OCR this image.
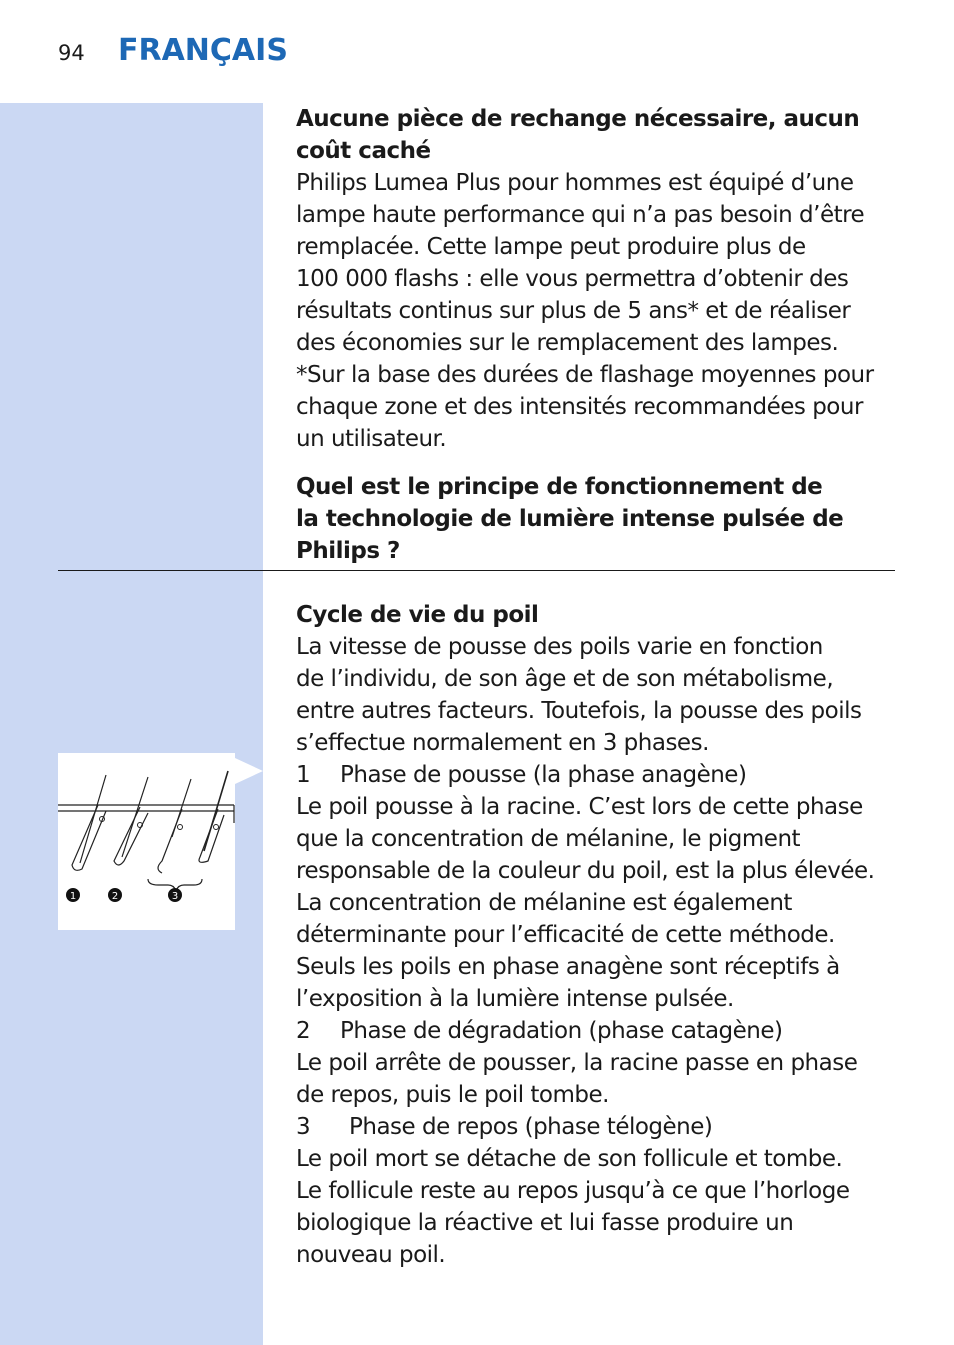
94 FRANÇAIS

Aucune pièce de rechange nécessaire, aucun coût caché

Philips Lumea Plus pour hommes est équipé d’une

lampe haute performance qui n’a pas besoin d’être

remplacée. Cette lampe peut produire plus de

100 000 flashs : elle vous permettra d’obtenir des

résultats continus sur plus de 5 ans* et de réaliser

des économies sur le remplacement des lampes.

*Sur la base des durées de flashage moyennes pour

chaque zone et des intensités recommandées pour

un utilisateur.

Quel est le principe de fonctionnement de

la technologie de lumière intense pulsée de

Philips ?

Cycle de vie du poil

La vitesse de pousse des poils varie en fonction

de l’individu, de son âge et de son métabolisme,

entre autres facteurs. Toutefois, la pousse des poils

s’effectue normalement en 3 phases.

1	Phase de pousse (la phase anagène)

Le poil pousse à la racine. C’est lors de cette phase

que la concentration de mélanine, le pigment

responsable de la couleur du poil, est la plus élevée.

La concentration de mélanine est également

déterminante pour l’efficacité de cette méthode.

Seuls les poils en phase anagène sont réceptifs à

l’exposition à la lumière intense pulsée.

2	Phase de dégradation (phase catagène)

Le poil arrête de pousser, la racine passe en phase

de repos, puis le poil tombe.

3	Phase de repos (phase télogène)

Le poil mort se détache de son follicule et tombe.

Le follicule reste au repos jusqu’à ce que l’horloge

biologique la réactive et lui fasse produire un

nouveau poil.

1	2	3
